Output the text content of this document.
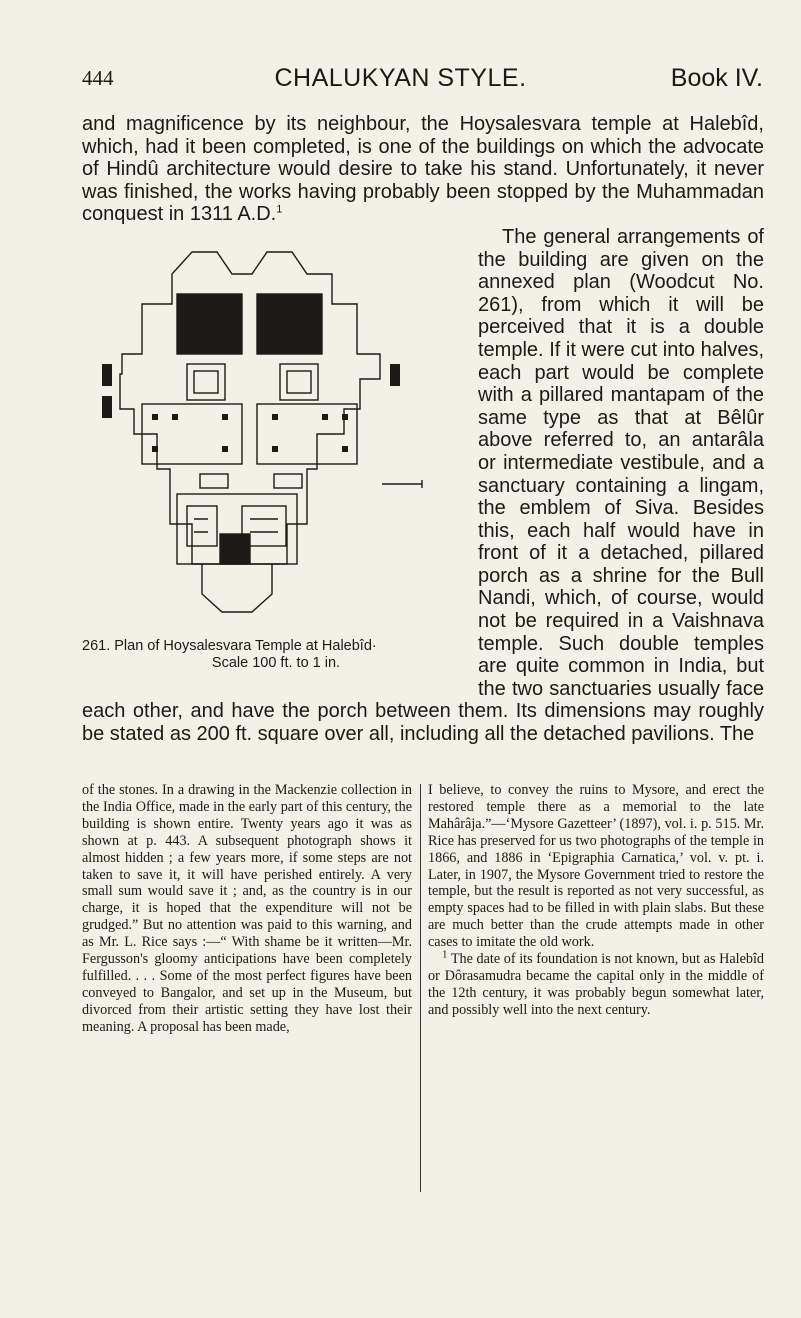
444	CHALUKYAN STYLE.	Book IV.

and magnificence by its neighbour, the Hoysalesvara temple at Halebîd, which, had it been completed, is one of the buildings on which the advocate of Hindû architecture would desire to take his stand. Unfortunately, it never was finished, the works having probably been stopped by the Muhammadan conquest in 1311 A.D.$^1$

261. Plan of Hoysalesvara Temple at Halebîd·
Scale 100 ft. to 1 in.

The general arrangements of the building are given on the annexed plan (Woodcut No. 261), from which it will be perceived that it is a double temple. If it were cut into halves, each part would be complete with a pillared mantapam of the same type as that at Bêlûr above referred to, an antarâla or intermediate vestibule, and a sanctuary containing a lingam, the emblem of Siva. Besides this, each half would have in front of it a detached, pillared porch as a shrine for the Bull Nandi, which, of course, would not be required in a Vaishnava temple. Such double temples are quite common in India, but the two sanctuaries usually face each other, and have the porch between them. Its dimensions may roughly be stated as 200 ft. square over all, including all the detached pavilions. The

of the stones. In a drawing in the Mackenzie collection in the India Office, made in the early part of this century, the building is shown entire. Twenty years ago it was as shown at p. 443. A subsequent photograph shows it almost hidden ; a few years more, if some steps are not taken to save it, it will have perished entirely. A very small sum would save it ; and, as the country is in our charge, it is hoped that the expenditure will not be grudged.” But no attention was paid to this warning, and as Mr. L. Rice says :—“ With shame be it written—Mr. Fergusson's gloomy anticipations have been completely fulfilled. . . . Some of the most perfect figures have been conveyed to Bangalor, and set up in the Museum, but divorced from their artistic setting they have lost their meaning. A proposal has been made,

I believe, to convey the ruins to Mysore, and erect the restored temple there as a memorial to the late Mahârâja.”—‘Mysore Gazetteer’ (1897), vol. i. p. 515. Mr. Rice has preserved for us two photographs of the temple in 1866, and 1886 in ‘Epigraphia Carnatica,’ vol. v. pt. i. Later, in 1907, the Mysore Government tried to restore the temple, but the result is reported as not very successful, as empty spaces had to be filled in with plain slabs. But these are much better than the crude attempts made in other cases to imitate the old work.

$^1$ The date of its foundation is not known, but as Halebîd or Dôrasamudra became the capital only in the middle of the 12th century, it was probably begun somewhat later, and possibly well into the next century.
